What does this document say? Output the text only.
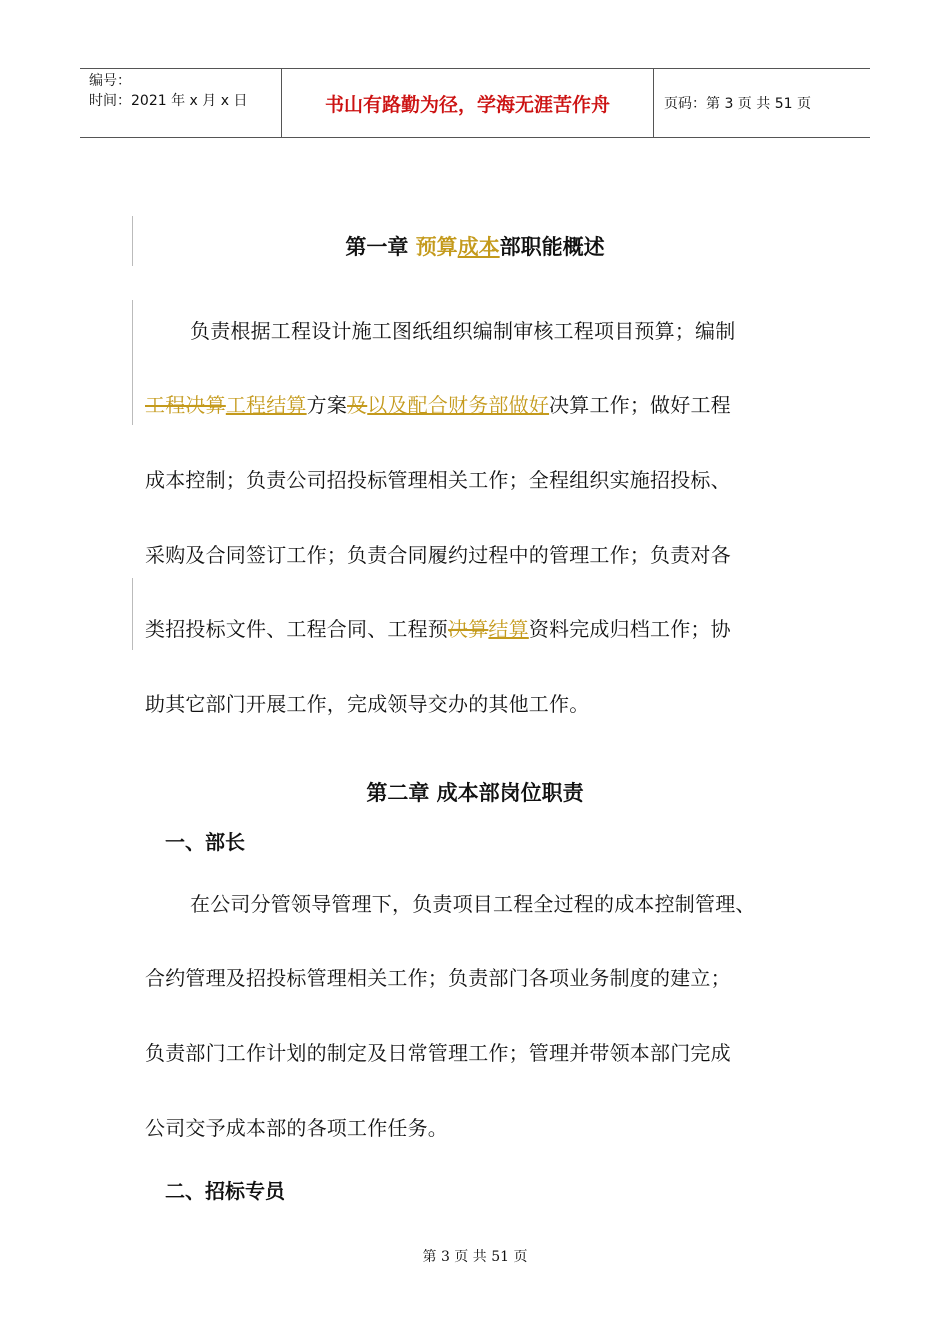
编号：
时间：2021 年 x 月 x 日	书山有路勤为径，学海无涯苦作舟	页码：第 3 页 共 51 页
第一章 预算成本部职能概述
负责根据工程设计施工图纸组织编制审核工程项目预算；编制
工程决算工程结算方案及以及配合财务部做好决算工作；做好工程
成本控制；负责公司招投标管理相关工作；全程组织实施招投标、
采购及合同签订工作；负责合同履约过程中的管理工作；负责对各
类招投标文件、工程合同、工程预决算结算资料完成归档工作；协
助其它部门开展工作，完成领导交办的其他工作。
第二章 成本部岗位职责
一、部长
在公司分管领导管理下，负责项目工程全过程的成本控制管理、
合约管理及招投标管理相关工作；负责部门各项业务制度的建立；
负责部门工作计划的制定及日常管理工作；管理并带领本部门完成
公司交予成本部的各项工作任务。
二、招标专员
第 3 页 共 51 页
